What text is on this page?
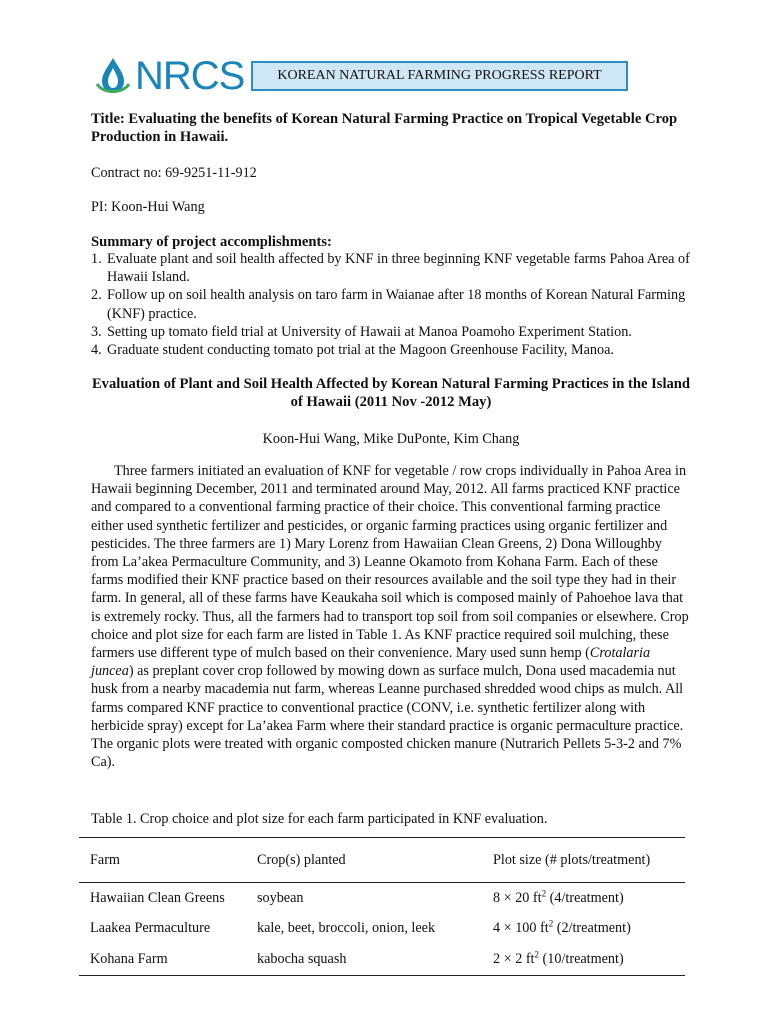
NRCS	KOREAN NATURAL FARMING PROGRESS REPORT
Title: Evaluating the benefits of Korean Natural Farming Practice on Tropical Vegetable Crop Production in Hawaii.
Contract no: 69-9251-11-912
PI: Koon-Hui Wang
Summary of project accomplishments:
1. Evaluate plant and soil health affected by KNF in three beginning KNF vegetable farms Pahoa Area of Hawaii Island.
2. Follow up on soil health analysis on taro farm in Waianae after 18 months of Korean Natural Farming (KNF) practice.
3. Setting up tomato field trial at University of Hawaii at Manoa Poamoho Experiment Station.
4. Graduate student conducting tomato pot trial at the Magoon Greenhouse Facility, Manoa.
Evaluation of Plant and Soil Health Affected by Korean Natural Farming Practices in the Island of Hawaii (2011 Nov -2012 May)
Koon-Hui Wang, Mike DuPonte, Kim Chang
Three farmers initiated an evaluation of KNF for vegetable / row crops individually in Pahoa Area in Hawaii beginning December, 2011 and terminated around May, 2012. All farms practiced KNF practice and compared to a conventional farming practice of their choice. This conventional farming practice either used synthetic fertilizer and pesticides, or organic farming practices using organic fertilizer and pesticides. The three farmers are 1) Mary Lorenz from Hawaiian Clean Greens, 2) Dona Willoughby from La’akea Permaculture Community, and 3) Leanne Okamoto from Kohana Farm. Each of these farms modified their KNF practice based on their resources available and the soil type they had in their farm. In general, all of these farms have Keaukaha soil which is composed mainly of Pahoehoe lava that is extremely rocky. Thus, all the farmers had to transport top soil from soil companies or elsewhere. Crop choice and plot size for each farm are listed in Table 1. As KNF practice required soil mulching, these farmers use different type of mulch based on their convenience. Mary used sunn hemp (Crotalaria juncea) as preplant cover crop followed by mowing down as surface mulch, Dona used macademia nut husk from a nearby macademia nut farm, whereas Leanne purchased shredded wood chips as mulch. All farms compared KNF practice to conventional practice (CONV, i.e. synthetic fertilizer along with herbicide spray) except for La’akea Farm where their standard practice is organic permaculture practice. The organic plots were treated with organic composted chicken manure (Nutrarich Pellets 5-3-2 and 7% Ca).
Table 1. Crop choice and plot size for each farm participated in KNF evaluation.
Farm	Crop(s) planted	Plot size (# plots/treatment)
Hawaiian Clean Greens	soybean	8 × 20 $ft^2$ (4/treatment)
Laakea Permaculture	kale, beet, broccoli, onion, leek	4 × 100 $ft^2$ (2/treatment)
Kohana Farm	kabocha squash	2 × 2 $ft^2$ (10/treatment)
